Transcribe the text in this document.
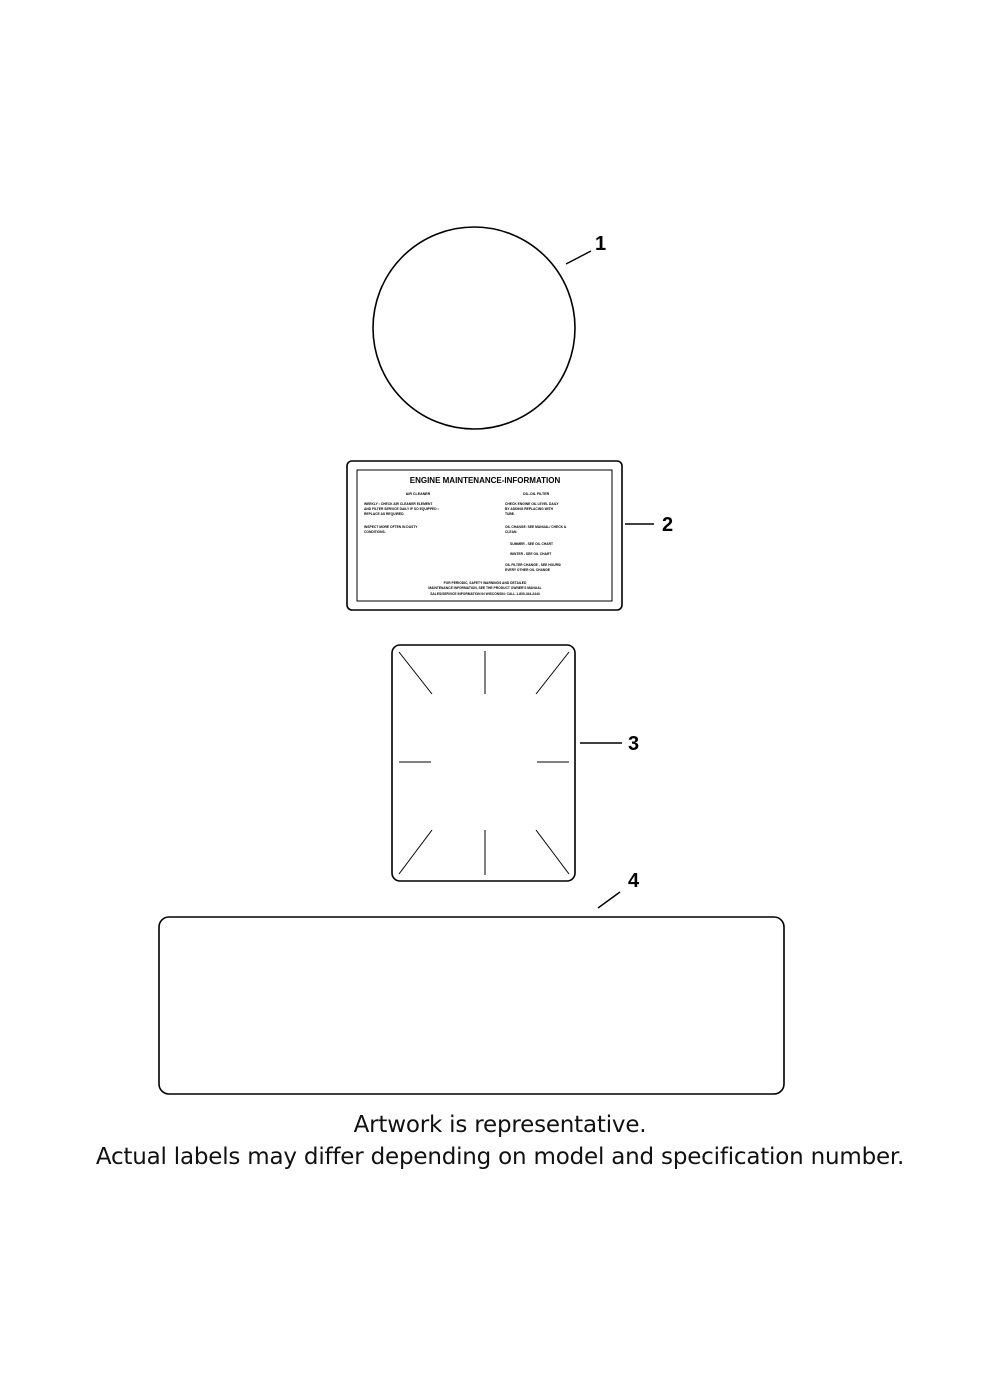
1
ENGINE MAINTENANCE-INFORMATION
AIR CLEANER
WEEKLY • CHECK AIR CLEANER ELEMENT
AND FILTER SERVICE DAILY IF SO EQUIPPED •
REPLACE AS REQUIRED.
INSPECT MORE OFTEN IN DUSTY
CONDITIONS.
OIL-OIL FILTER
CHECK ENGINE OIL LEVEL DAILY
BY ADDING REPLACING WITH
TUBE.
OIL CHANGE: SEE MANUAL/ CHECK &
CLEAN.
SUMMER - SEE OIL CHART
WINTER - SEE OIL CHART
OIL FILTER CHANGE - SEE HOURS/
EVERY OTHER OIL CHANGE
FOR PERIODIC, SAFETY WARNINGS AND DETAILED
MAINTENANCE INFORMATION, SEE THE PRODUCT OWNER'S MANUAL
SALES/SERVICE INFORMATION IN WISCONSIN: CALL 1-800-344-2444
2
3
4
Artwork is representative.
Actual labels may differ depending on model and specification number.
